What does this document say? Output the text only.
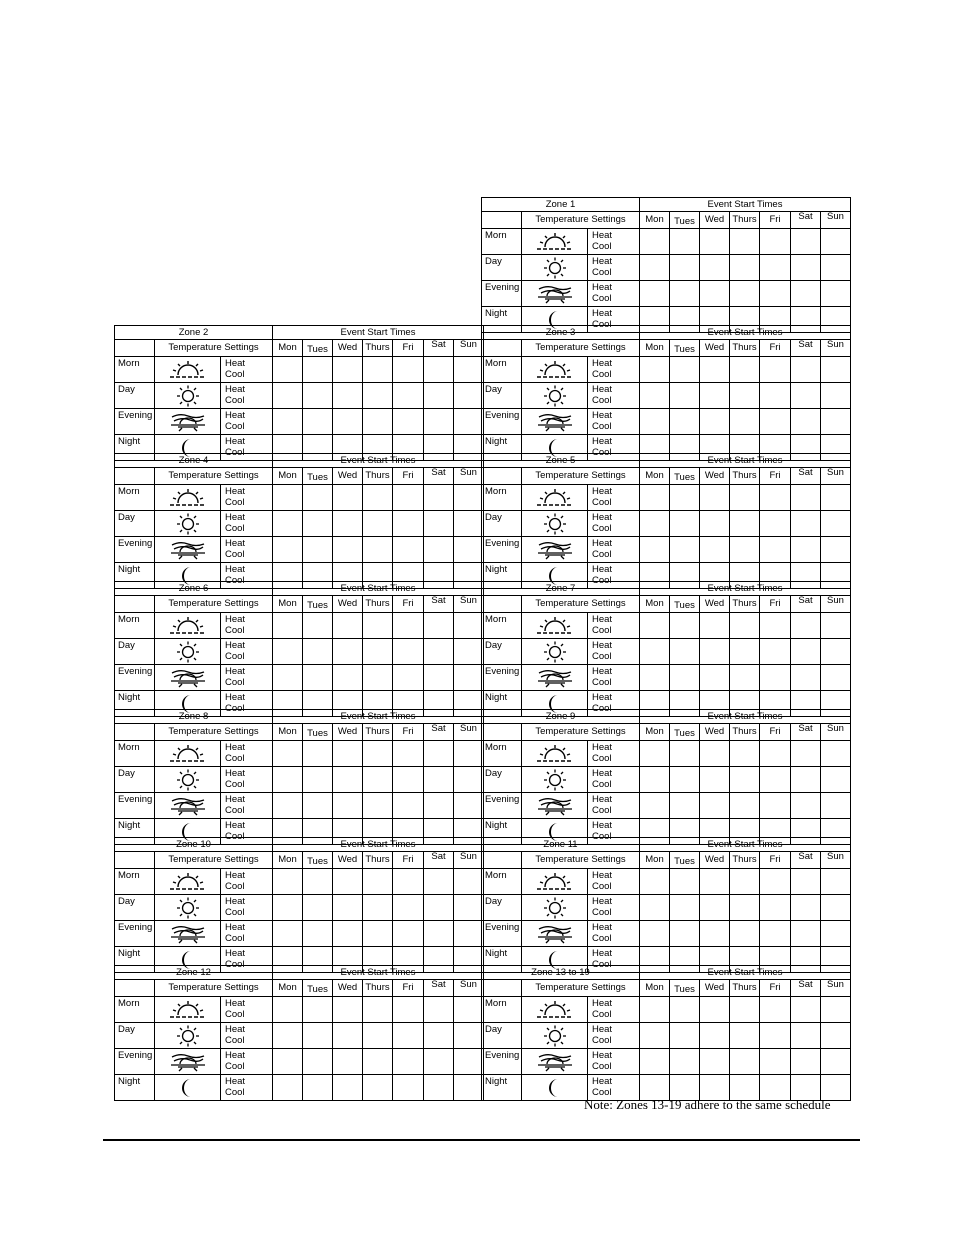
Zone 1			Event Start Times						
	Temperature Settings		Mon	Tues	Wed	Thurs	Fri	Sat	Sun
Morn		Heat
Cool							

Day		Heat
Cool							

Evening		Heat
Cool							

Night		Heat
Cool							

Zone 2			Event Start Times						
	Temperature Settings		Mon	Tues	Wed	Thurs	Fri	Sat	Sun
Morn		Heat
Cool							

Day		Heat
Cool							

Evening		Heat
Cool							

Night		Heat
Cool							

Zone 3			Event Start Times						
	Temperature Settings		Mon	Tues	Wed	Thurs	Fri	Sat	Sun
Morn		Heat
Cool							

Day		Heat
Cool							

Evening		Heat
Cool							

Night		Heat
Cool							

Zone 4			Event Start Times						
	Temperature Settings		Mon	Tues	Wed	Thurs	Fri	Sat	Sun
Morn		Heat
Cool							

Day		Heat
Cool							

Evening		Heat
Cool							

Night		Heat
Cool							

Zone 5			Event Start Times						
	Temperature Settings		Mon	Tues	Wed	Thurs	Fri	Sat	Sun
Morn		Heat
Cool							

Day		Heat
Cool							

Evening		Heat
Cool							

Night		Heat
Cool							

Zone 6			Event Start Times						
	Temperature Settings		Mon	Tues	Wed	Thurs	Fri	Sat	Sun
Morn		Heat
Cool							

Day		Heat
Cool							

Evening		Heat
Cool							

Night		Heat
Cool							

Zone 7			Event Start Times						
	Temperature Settings		Mon	Tues	Wed	Thurs	Fri	Sat	Sun
Morn		Heat
Cool							

Day		Heat
Cool							

Evening		Heat
Cool							

Night		Heat
Cool							

Zone 8			Event Start Times						
	Temperature Settings		Mon	Tues	Wed	Thurs	Fri	Sat	Sun
Morn		Heat
Cool							

Day		Heat
Cool							

Evening		Heat
Cool							

Night		Heat
Cool							

Zone 9			Event Start Times						
	Temperature Settings		Mon	Tues	Wed	Thurs	Fri	Sat	Sun
Morn		Heat
Cool							

Day		Heat
Cool							

Evening		Heat
Cool							

Night		Heat
Cool							

Zone 10			Event Start Times						
	Temperature Settings		Mon	Tues	Wed	Thurs	Fri	Sat	Sun
Morn		Heat
Cool							

Day		Heat
Cool							

Evening		Heat
Cool							

Night		Heat
Cool							

Zone 11			Event Start Times						
	Temperature Settings		Mon	Tues	Wed	Thurs	Fri	Sat	Sun
Morn		Heat
Cool							

Day		Heat
Cool							

Evening		Heat
Cool							

Night		Heat
Cool							

Zone 12			Event Start Times						
	Temperature Settings		Mon	Tues	Wed	Thurs	Fri	Sat	Sun
Morn		Heat
Cool							

Day		Heat
Cool							

Evening		Heat
Cool							

Night		Heat
Cool							

Zone 13 to 19			Event Start Times						
	Temperature Settings		Mon	Tues	Wed	Thurs	Fri	Sat	Sun
Morn		Heat
Cool							

Day		Heat
Cool							

Evening		Heat
Cool							

Night		Heat
Cool							

Note: Zones 13-19 adhere to the same schedule
